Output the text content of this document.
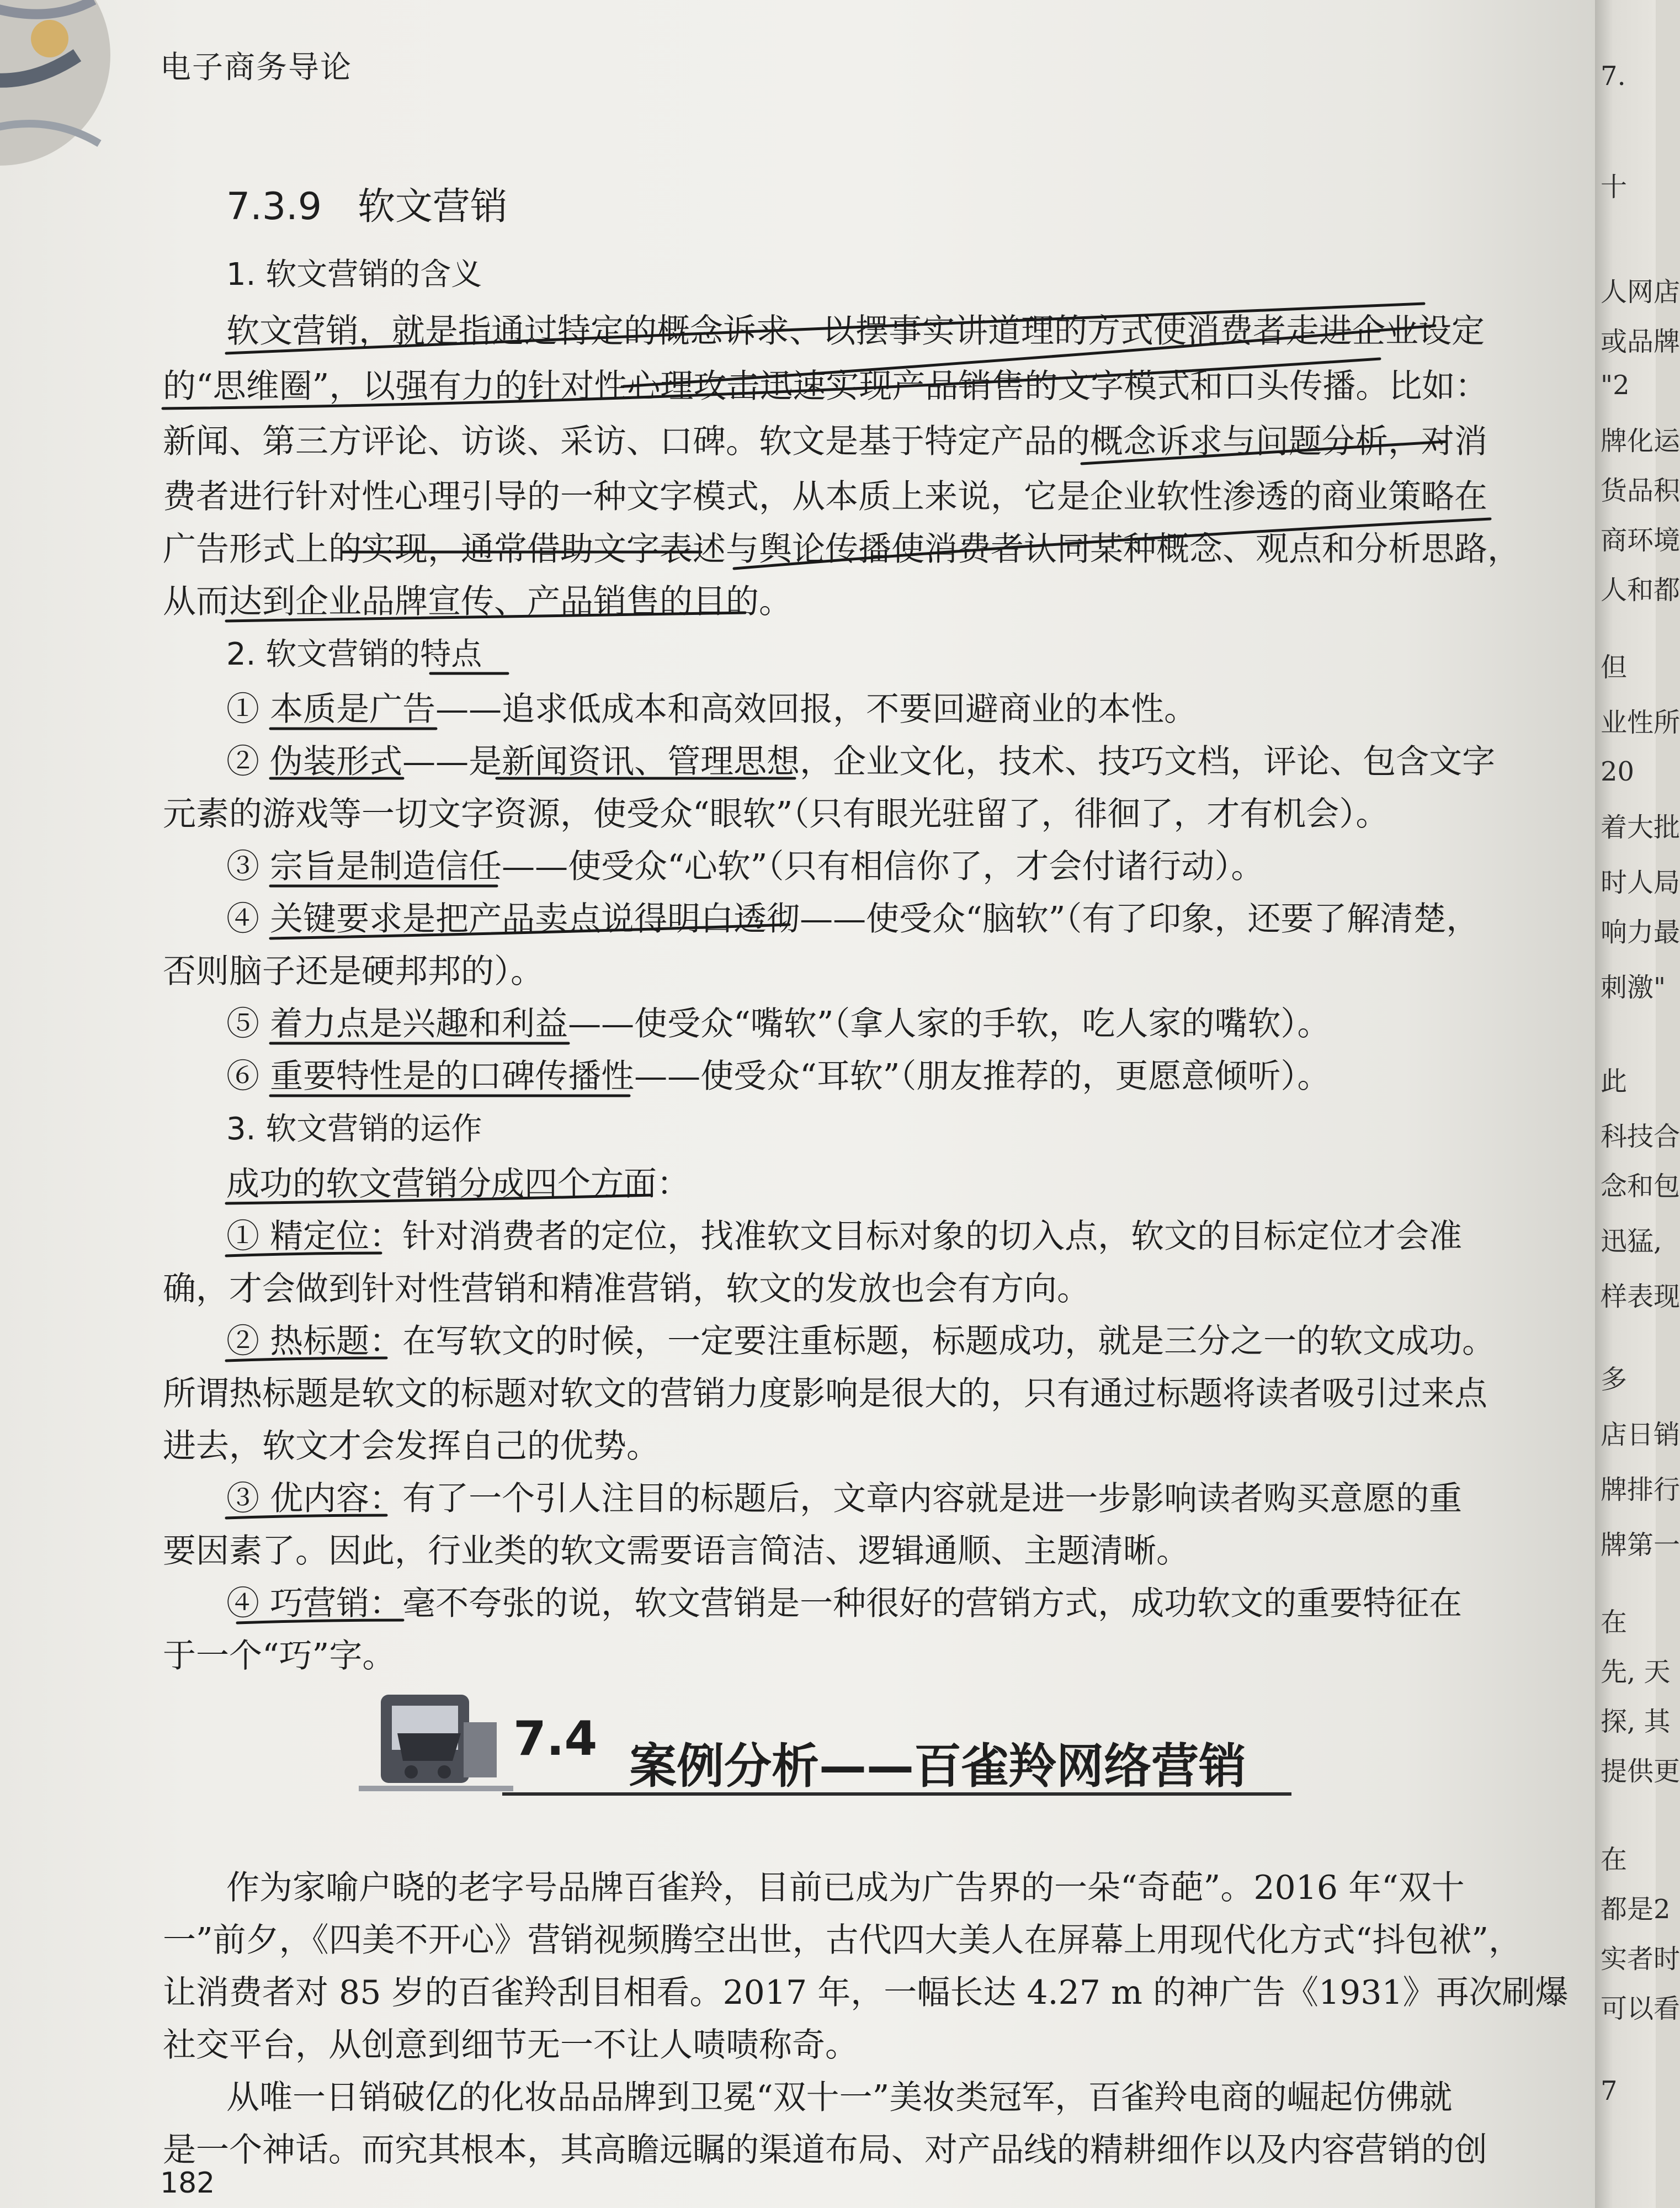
电子商务导论
7.3.9 软文营销
1. 软文营销的含义
软文营销，就是指通过特定的概念诉求、以摆事实讲道理的方式使消费者走进企业设定
的“思维圈”，以强有力的针对性心理攻击迅速实现产品销售的文字模式和口头传播。比如：
新闻、第三方评论、访谈、采访、口碑。软文是基于特定产品的概念诉求与问题分析，对消
费者进行针对性心理引导的一种文字模式，从本质上来说，它是企业软性渗透的商业策略在
广告形式上的实现，通常借助文字表述与舆论传播使消费者认同某种概念、观点和分析思路，
从而达到企业品牌宣传、产品销售的目的。
2. 软文营销的特点
① 本质是广告——追求低成本和高效回报，不要回避商业的本性。
② 伪装形式——是新闻资讯、管理思想，企业文化，技术、技巧文档，评论、包含文字
元素的游戏等一切文字资源，使受众“眼软”（只有眼光驻留了，徘徊了，才有机会）。
③ 宗旨是制造信任——使受众“心软”（只有相信你了，才会付诸行动）。
④ 关键要求是把产品卖点说得明白透彻——使受众“脑软”（有了印象，还要了解清楚，
否则脑子还是硬邦邦的）。
⑤ 着力点是兴趣和利益——使受众“嘴软”（拿人家的手软，吃人家的嘴软）。
⑥ 重要特性是的口碑传播性——使受众“耳软”（朋友推荐的，更愿意倾听）。
3. 软文营销的运作
成功的软文营销分成四个方面：
① 精定位：针对消费者的定位，找准软文目标对象的切入点，软文的目标定位才会准
确，才会做到针对性营销和精准营销，软文的发放也会有方向。
② 热标题：在写软文的时候，一定要注重标题，标题成功，就是三分之一的软文成功。
所谓热标题是软文的标题对软文的营销力度影响是很大的，只有通过标题将读者吸引过来点
进去，软文才会发挥自己的优势。
③ 优内容：有了一个引人注目的标题后，文章内容就是进一步影响读者购买意愿的重
要因素了。因此，行业类的软文需要语言简洁、逻辑通顺、主题清晰。
④ 巧营销：毫不夸张的说，软文营销是一种很好的营销方式，成功软文的重要特征在
于一个“巧”字。
7.4 案例分析——百雀羚网络营销
作为家喻户晓的老字号品牌百雀羚，目前已成为广告界的一朵“奇葩”。2016 年“双十
一”前夕，《四美不开心》营销视频腾空出世，古代四大美人在屏幕上用现代化方式“抖包袱”，
让消费者对 85 岁的百雀羚刮目相看。2017 年，一幅长达 4.27 m 的神广告《1931》再次刷爆
社交平台，从创意到细节无一不让人啧啧称奇。
从唯一日销破亿的化妆品品牌到卫冕“双十一”美妆类冠军，百雀羚电商的崛起仿佛就
是一个神话。而究其根本，其高瞻远瞩的渠道布局、对产品线的精耕细作以及内容营销的创
182
7.
十
人网店
或品牌
"2
牌化运
货品积
商环境
人和都
但
业性所
20
着大批
时人局
响力最
刺激"
此
科技合
念和包
迅猛,
样表现
多
店日销
牌排行
牌第一
在
先, 天
探, 其
提供更
在
都是2
实者时
可以看
7
